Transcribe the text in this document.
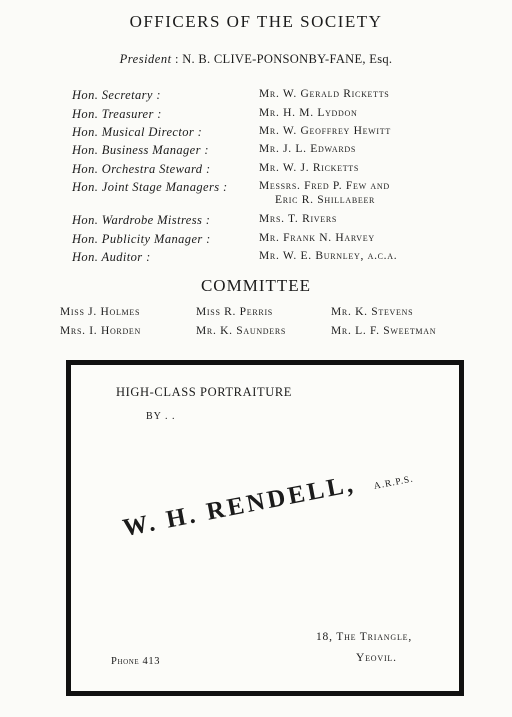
OFFICERS OF THE SOCIETY
President : N. B. CLIVE-PONSONBY-FANE, Esq.
Hon. Secretary :	Mr. W. Gerald Ricketts
Hon. Treasurer :	Mr. H. M. Lyddon
Hon. Musical Director :	Mr. W. Geoffrey Hewitt
Hon. Business Manager :	Mr. J. L. Edwards
Hon. Orchestra Steward :	Mr. W. J. Ricketts
Hon. Joint Stage Managers :	Messrs. Fred P. Few and
Eric R. Shillabeer
Hon. Wardrobe Mistress :	Mrs. T. Rivers
Hon. Publicity Manager :	Mr. Frank N. Harvey
Hon. Auditor :	Mr. W. E. Burnley, a.c.a.
COMMITTEE
Miss J. Holmes	Miss R. Perris	Mr. K. Stevens
Mrs. I. Horden	Mr. K. Saunders	Mr. L. F. Sweetman
HIGH-CLASS PORTRAITURE
BY . .
W. H. RENDELL, A.R.P.S.
18, The Triangle,
Yeovil.
Phone 413
